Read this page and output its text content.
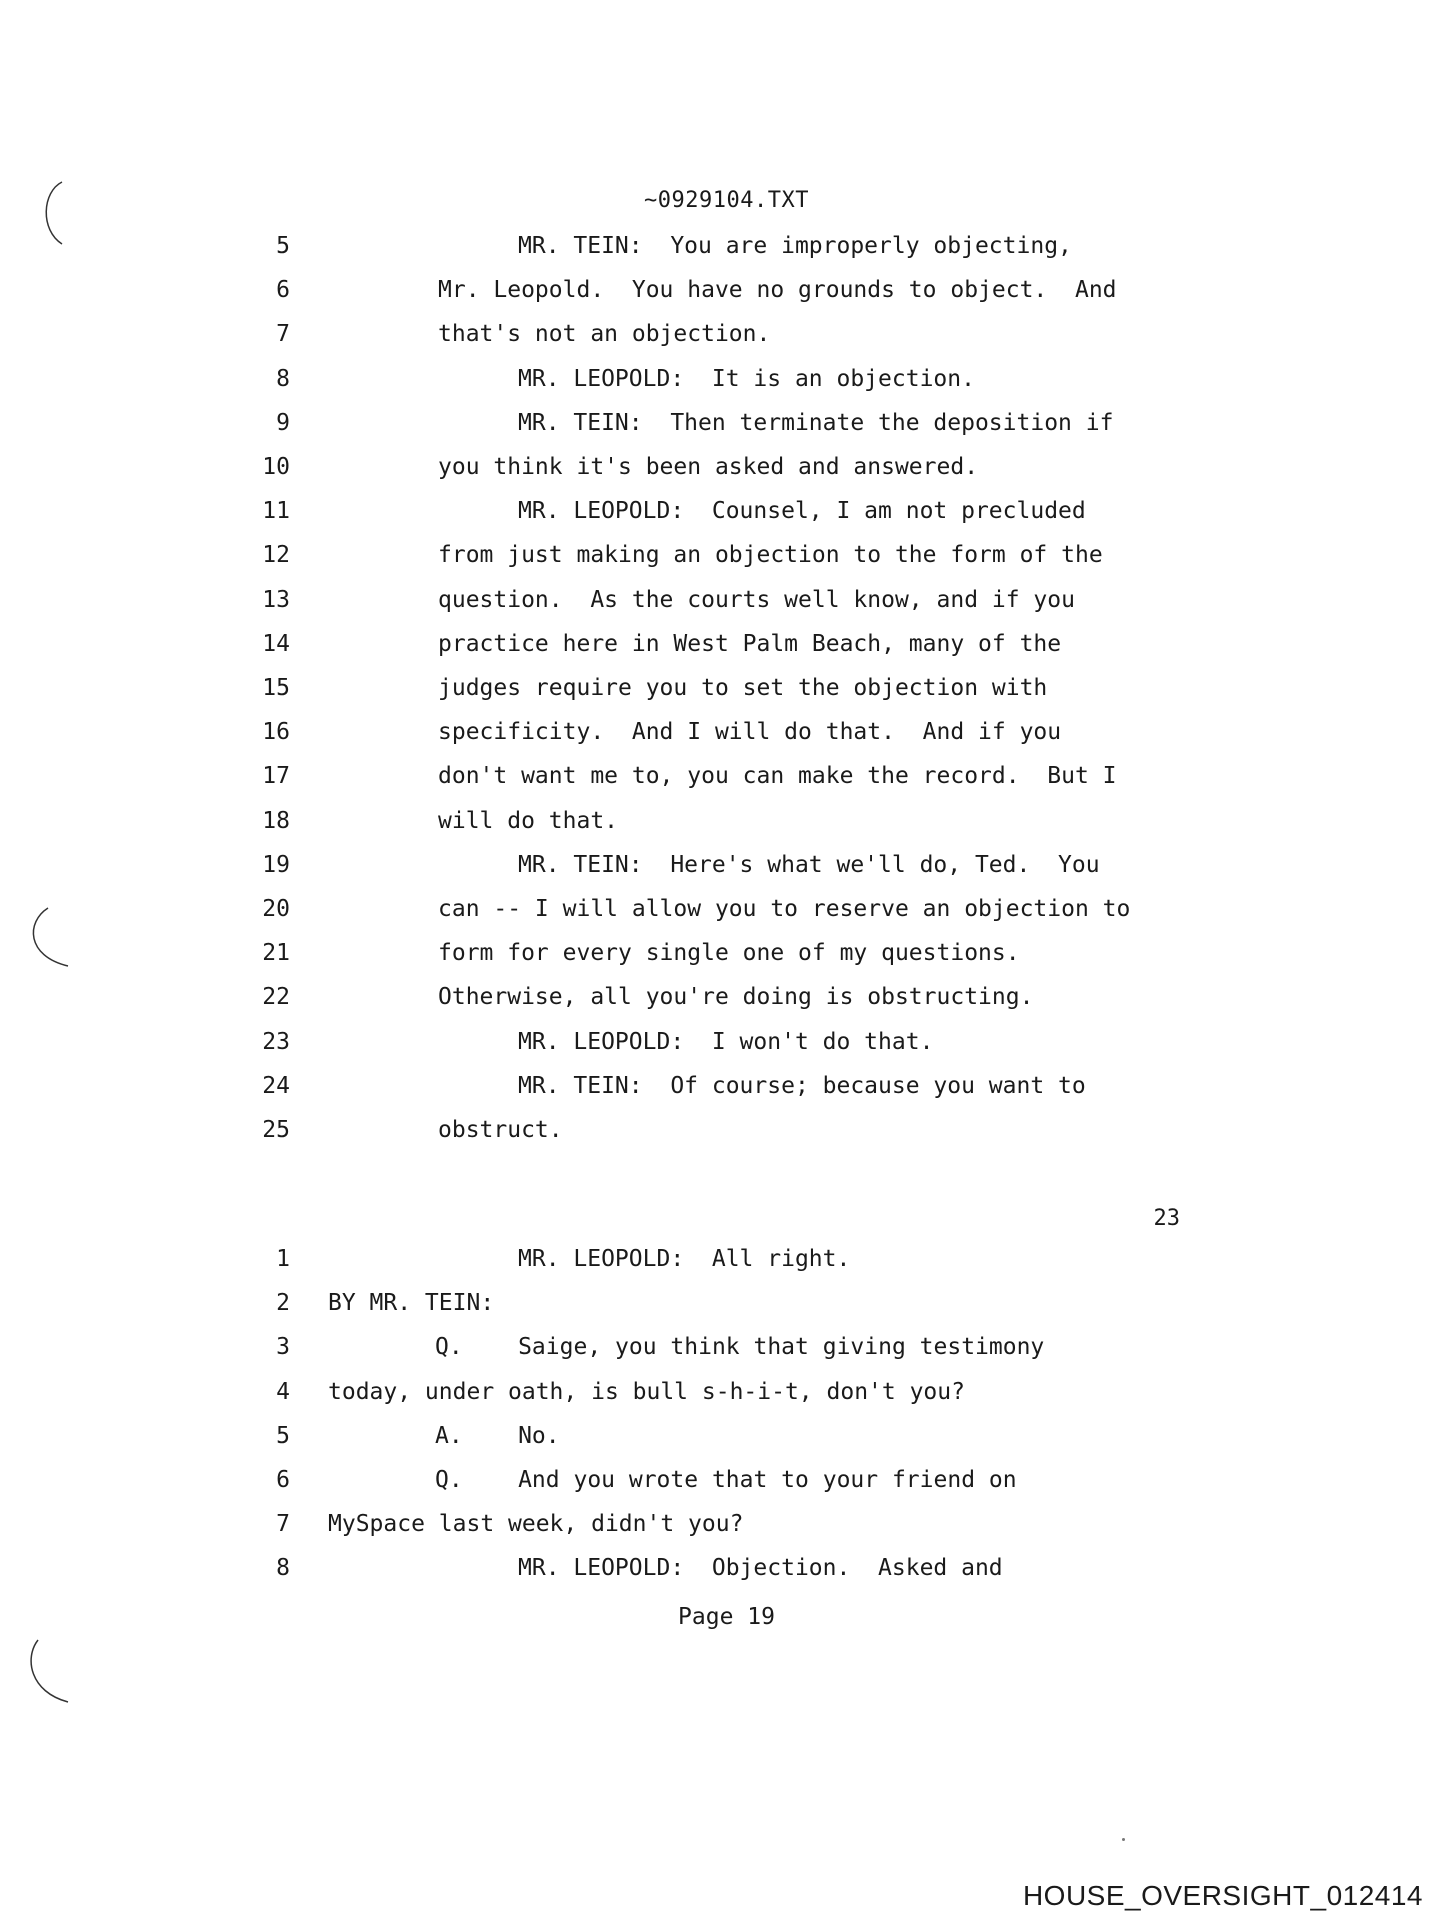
~0929104.TXT
5	MR. TEIN:  You are improperly objecting,
6	Mr. Leopold.  You have no grounds to object.  And
7	that's not an objection.
8	MR. LEOPOLD:  It is an objection.
9	MR. TEIN:  Then terminate the deposition if
10	you think it's been asked and answered.
11	MR. LEOPOLD:  Counsel, I am not precluded
12	from just making an objection to the form of the
13	question.  As the courts well know, and if you
14	practice here in West Palm Beach, many of the
15	judges require you to set the objection with
16	specificity.  And I will do that.  And if you
17	don't want me to, you can make the record.  But I
18	will do that.
19	MR. TEIN:  Here's what we'll do, Ted.  You
20	can -- I will allow you to reserve an objection to
21	form for every single one of my questions.
22	Otherwise, all you're doing is obstructing.
23	MR. LEOPOLD:  I won't do that.
24	MR. TEIN:  Of course; because you want to
25	obstruct.
23
1	MR. LEOPOLD:  All right.
2 BY MR. TEIN:
3	Q.    Saige, you think that giving testimony
4 today, under oath, is bull s-h-i-t, don't you?
5	A.    No.
6	Q.    And you wrote that to your friend on
7 MySpace last week, didn't you?
8	MR. LEOPOLD:  Objection.  Asked and
Page 19
HOUSE_OVERSIGHT_012414
